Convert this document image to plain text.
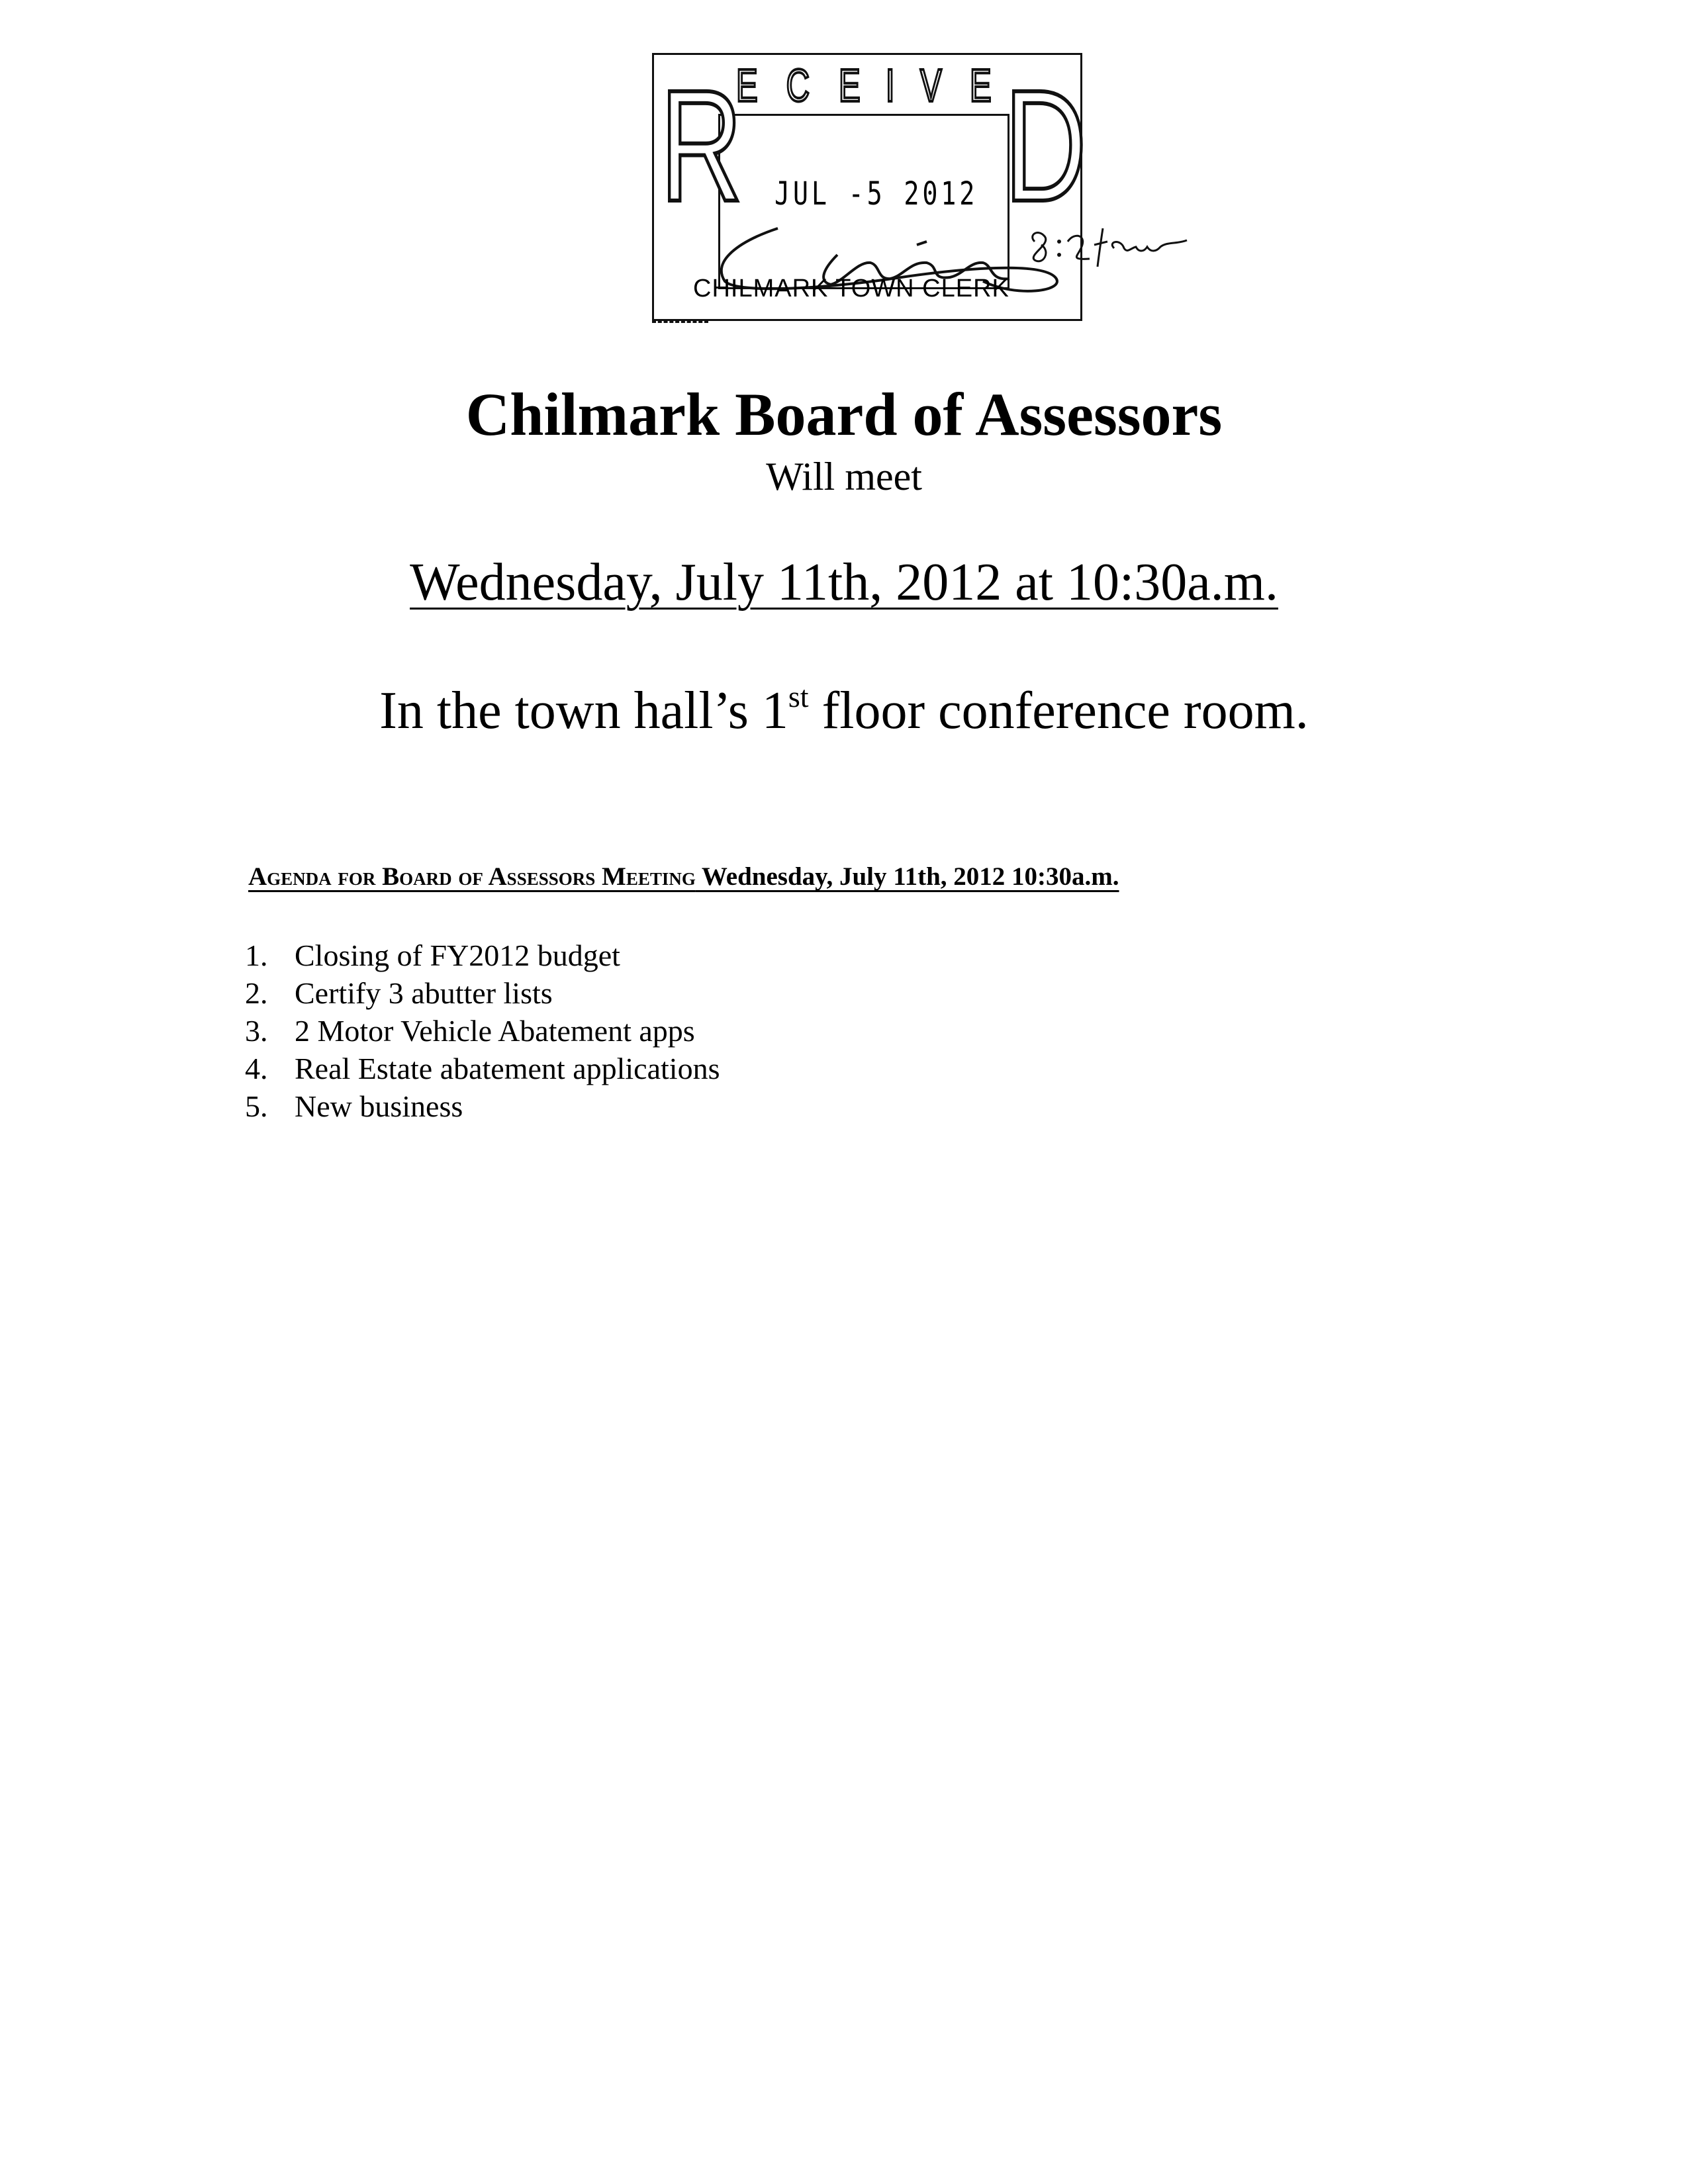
R
E C E I V E D
JUL -5 2012
CHILMARK TOWN CLERK
Chilmark Board of Assessors
Will meet
Wednesday, July 11th, 2012 at 10:30a.m.
In the town hall’s 1st floor conference room.
Agenda for Board of Assessors Meeting Wednesday, July 11th, 2012 10:30a.m.
1. Closing of FY2012 budget
2. Certify 3 abutter lists
3. 2 Motor Vehicle Abatement apps
4. Real Estate abatement applications
5. New business
